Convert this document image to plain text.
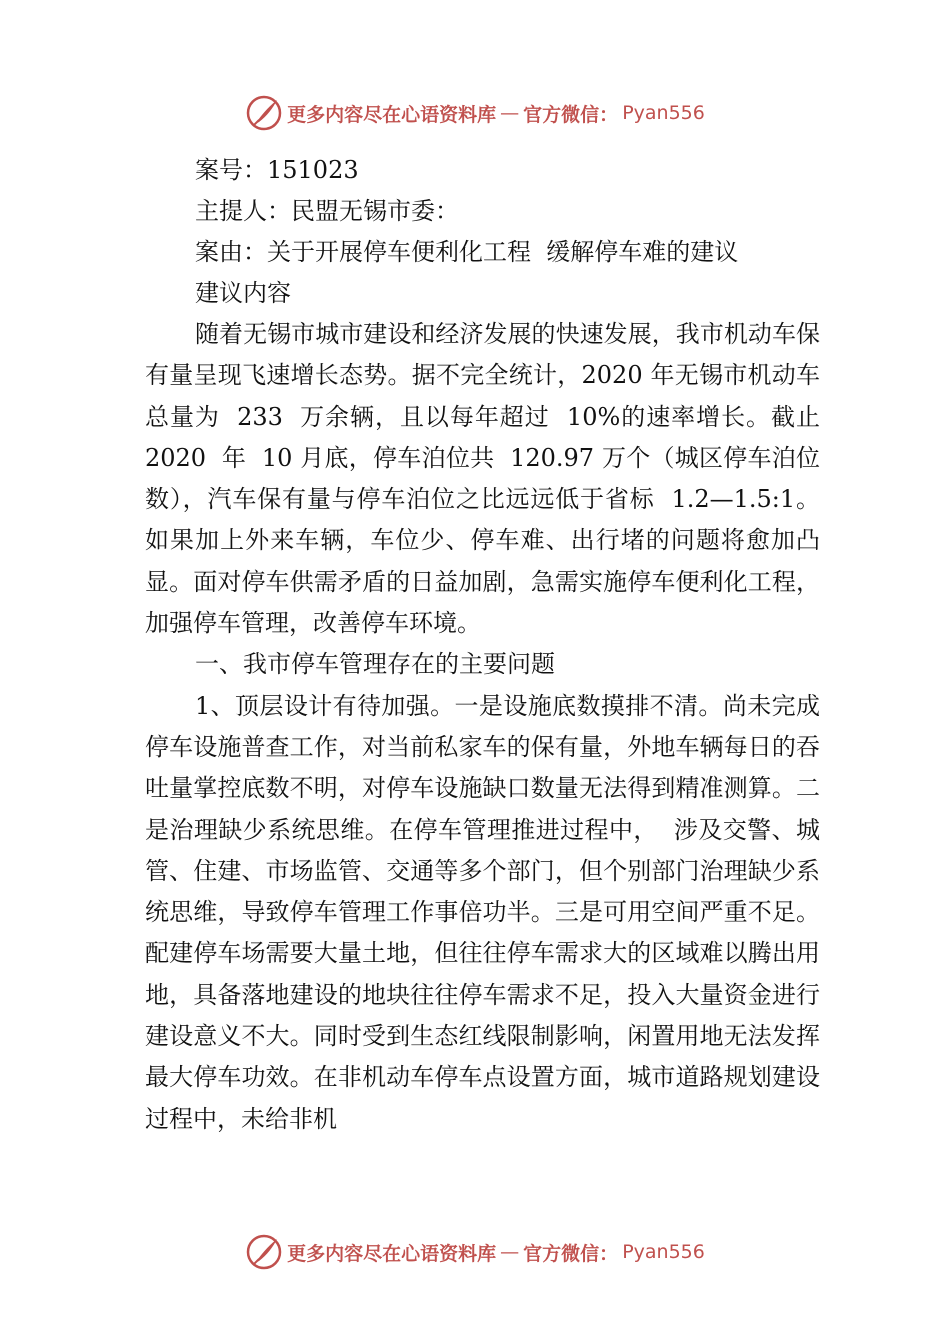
更多内容尽在心语资料库 — 官方微信： Pyan556
案号：151023
主提人：民盟无锡市委：
案由：关于开展停车便利化工程  缓解停车难的建议
建议内容

随着无锡市城市建设和经济发展的快速发展，我市机动车保有量呈现飞速增长态势。据不完全统计，2020 年无锡市机动车总量为  233  万余辆，且以每年超过  10%的速率增长。截止  2020  年  10 月底，停车泊位共  120.97 万个（城区停车泊位数），汽车保有量与停车泊位之比远远低于省标  1.2—1.5:1。如果加上外来车辆，车位少、停车难、出行堵的问题将愈加凸显。面对停车供需矛盾的日益加剧，急需实施停车便利化工程，加强停车管理，改善停车环境。

一、我市停车管理存在的主要问题

1、顶层设计有待加强。一是设施底数摸排不清。尚未完成停车设施普查工作，对当前私家车的保有量，外地车辆每日的吞吐量掌控底数不明，对停车设施缺口数量无法得到精准测算。二是治理缺少系统思维。在停车管理推进过程中，  涉及交警、城管、住建、市场监管、交通等多个部门，但个别部门治理缺少系统思维，导致停车管理工作事倍功半。三是可用空间严重不足。配建停车场需要大量土地，但往往停车需求大的区域难以腾出用地，具备落地建设的地块往往停车需求不足，投入大量资金进行建设意义不大。同时受到生态红线限制影响，闲置用地无法发挥最大停车功效。在非机动车停车点设置方面，城市道路规划建设过程中，未给非机

更多内容尽在心语资料库 — 官方微信： Pyan556
